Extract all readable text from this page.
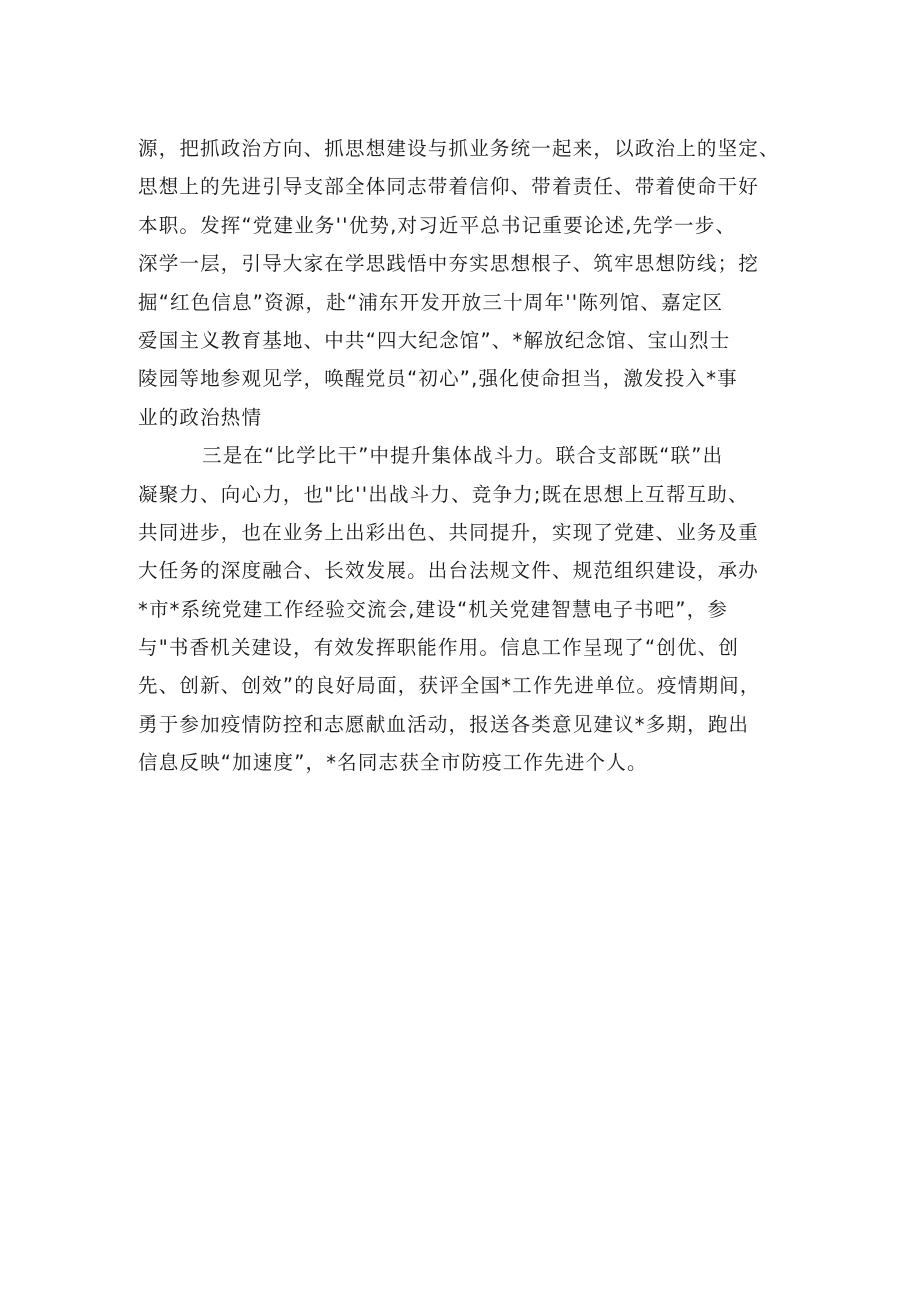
源，把抓政治方向、抓思想建设与抓业务统一起来，以政治上的坚定、
思想上的先进引导支部全体同志带着信仰、带着责任、带着使命干好
本职。发挥“党建业务''优势,对习近平总书记重要论述,先学一步、
深学一层，引导大家在学思践悟中夯实思想根子、筑牢思想防线；挖
掘“红色信息”资源，赴“浦东开发开放三十周年''陈列馆、嘉定区
爱国主义教育基地、中共“四大纪念馆”、*解放纪念馆、宝山烈士
陵园等地参观见学，唤醒党员“初心”,强化使命担当，激发投入*事
业的政治热情
三是在“比学比干”中提升集体战斗力。联合支部既“联”出
凝聚力、向心力，也"比''出战斗力、竞争力;既在思想上互帮互助、
共同进步，也在业务上出彩出色、共同提升，实现了党建、业务及重
大任务的深度融合、长效发展。出台法规文件、规范组织建设，承办
*市*系统党建工作经验交流会,建设“机关党建智慧电子书吧”，参
与"书香机关建设，有效发挥职能作用。信息工作呈现了“创优、创
先、创新、创效”的良好局面，获评全国*工作先进单位。疫情期间，
勇于参加疫情防控和志愿献血活动，报送各类意见建议*多期，跑出
信息反映“加速度”，*名同志获全市防疫工作先进个人。
